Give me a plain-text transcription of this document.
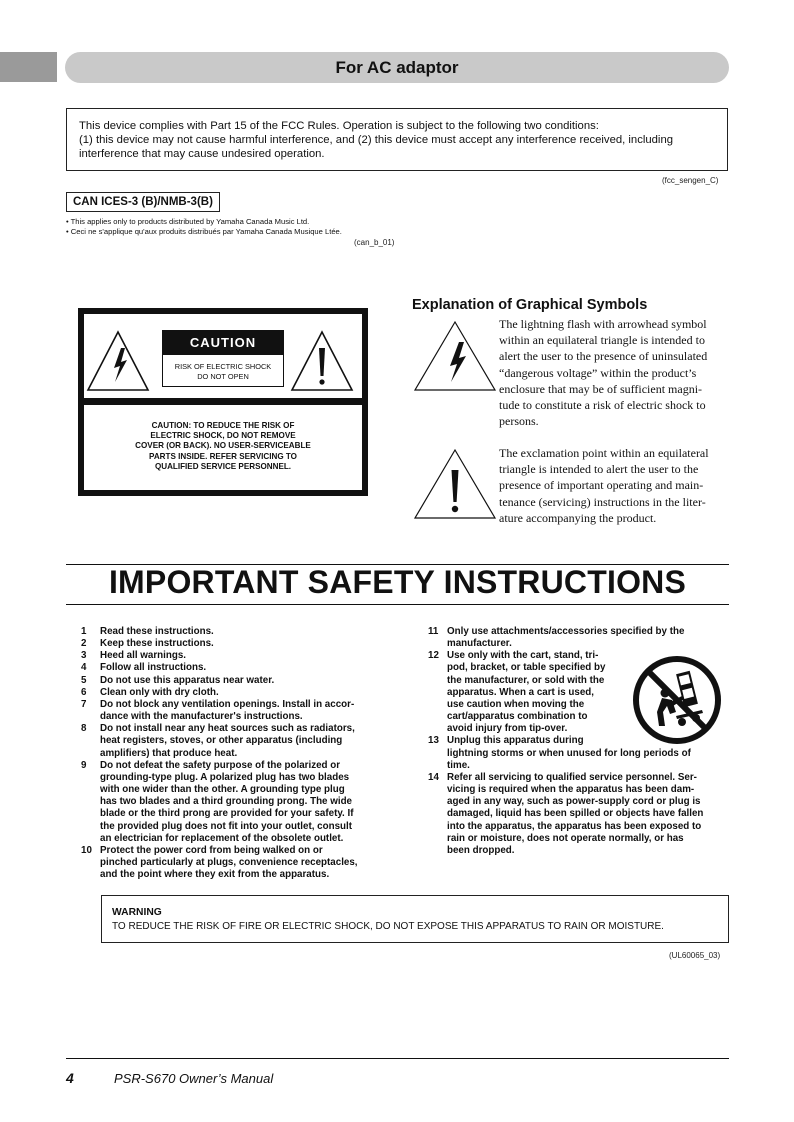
For AC adaptor
This device complies with Part 15 of the FCC Rules. Operation is subject to the following two conditions:
(1) this device may not cause harmful interference, and (2) this device must accept any interference received, including
interference that may cause undesired operation.
(fcc_sengen_C)
CAN ICES-3 (B)/NMB-3(B)
• This applies only to products distributed by Yamaha Canada Music Ltd.
• Ceci ne s'applique qu'aux produits distribués par Yamaha Canada Musique Ltée.
(can_b_01)
CAUTION
RISK OF ELECTRIC SHOCK
DO NOT OPEN
CAUTION: TO REDUCE THE RISK OF
ELECTRIC SHOCK, DO NOT REMOVE
COVER (OR BACK). NO USER-SERVICEABLE
PARTS INSIDE. REFER SERVICING TO
QUALIFIED SERVICE PERSONNEL.
Explanation of Graphical Symbols
The lightning flash with arrowhead symbol
within an equilateral triangle is intended to
alert the user to the presence of uninsulated
“dangerous voltage” within the product’s
enclosure that may be of sufficient magni-
tude to constitute a risk of electric shock to
persons.
The exclamation point within an equilateral
triangle is intended to alert the user to the
presence of important operating and main-
tenance (servicing) instructions in the liter-
ature accompanying the product.
IMPORTANT SAFETY INSTRUCTIONS
1 Read these instructions.
2 Keep these instructions.
3 Heed all warnings.
4 Follow all instructions.
5 Do not use this apparatus near water.
6 Clean only with dry cloth.
7 Do not block any ventilation openings. Install in accor-
dance with the manufacturer's instructions.
8 Do not install near any heat sources such as radiators,
heat registers, stoves, or other apparatus (including
amplifiers) that produce heat.
9 Do not defeat the safety purpose of the polarized or
grounding-type plug. A polarized plug has two blades
with one wider than the other. A grounding type plug
has two blades and a third grounding prong. The wide
blade or the third prong are provided for your safety. If
the provided plug does not fit into your outlet, consult
an electrician for replacement of the obsolete outlet.
10 Protect the power cord from being walked on or
pinched particularly at plugs, convenience receptacles,
and the point where they exit from the apparatus.
11 Only use attachments/accessories specified by the
manufacturer.
12 Use only with the cart, stand, tri-
pod, bracket, or table specified by
the manufacturer, or sold with the
apparatus. When a cart is used,
use caution when moving the
cart/apparatus combination to
avoid injury from tip-over.
13 Unplug this apparatus during
lightning storms or when unused for long periods of
time.
14 Refer all servicing to qualified service personnel. Ser-
vicing is required when the apparatus has been dam-
aged in any way, such as power-supply cord or plug is
damaged, liquid has been spilled or objects have fallen
into the apparatus, the apparatus has been exposed to
rain or moisture, does not operate normally, or has
been dropped.
WARNING
TO REDUCE THE RISK OF FIRE OR ELECTRIC SHOCK, DO NOT EXPOSE THIS APPARATUS TO RAIN OR MOISTURE.
(UL60065_03)
4	PSR-S670 Owner’s Manual
